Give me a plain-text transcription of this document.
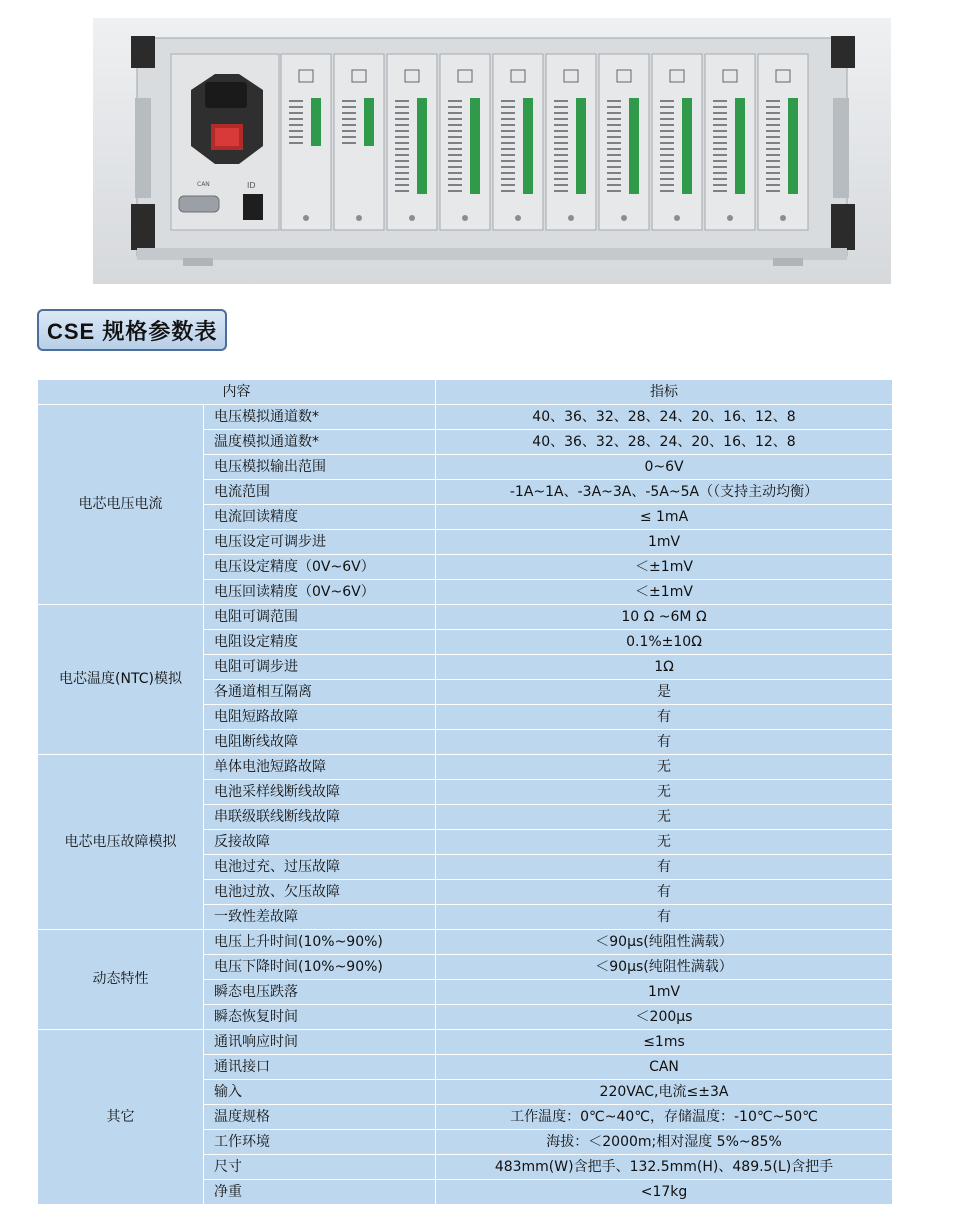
CAN	ID
CSE 规格参数表
内容		指标
电芯电压电流	电压模拟通道数*	40、36、32、28、24、20、16、12、8
	温度模拟通道数*	40、36、32、28、24、20、16、12、8
	电压模拟输出范围	0~6V
	电流范围	-1A~1A、-3A~3A、-5A~5A（（支持主动均衡）
	电流回读精度	≤ 1mA
	电压设定可调步进	1mV
	电压设定精度（0V~6V）	＜±1mV
	电压回读精度（0V~6V）	＜±1mV
电芯温度(NTC)模拟	电阻可调范围	10 Ω ~6M Ω
	电阻设定精度	0.1%±10Ω
	电阻可调步进	1Ω
	各通道相互隔离	是
	电阻短路故障	有
	电阻断线故障	有
电芯电压故障模拟	单体电池短路故障	无
	电池采样线断线故障	无
	串联级联线断线故障	无
	反接故障	无
	电池过充、过压故障	有
	电池过放、欠压故障	有
	一致性差故障	有
动态特性	电压上升时间(10%~90%)	＜90μs(纯阻性满载）
	电压下降时间(10%~90%)	＜90μs(纯阻性满载）
	瞬态电压跌落	1mV
	瞬态恢复时间	＜200μs
其它	通讯响应时间	≤1ms
	通讯接口	CAN
	输入	220VAC,电流≤±3A
	温度规格	工作温度：0℃~40℃，存储温度：-10℃~50℃
	工作环境	海拔：＜2000m;相对湿度 5%~85%
	尺寸	483mm(W)含把手、132.5mm(H)、489.5(L)含把手
	净重	<17kg
